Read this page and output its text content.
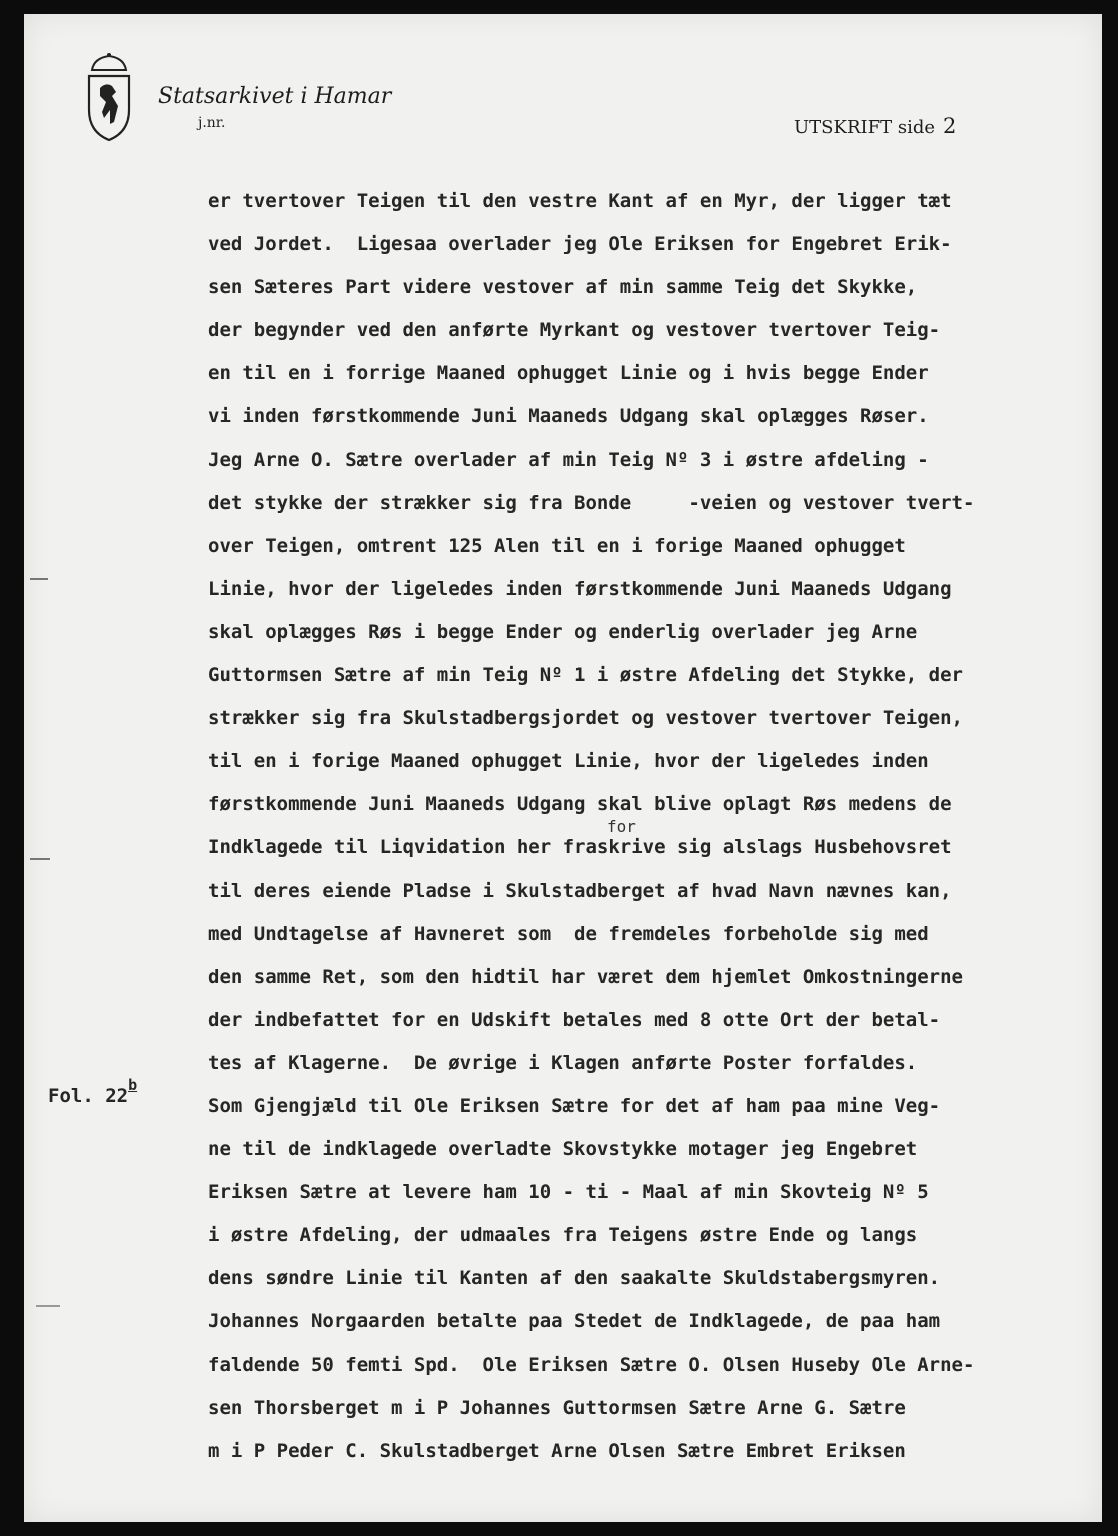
Statsarkivet i Hamar
j.nr.	UTSKRIFT side 2
Fol. 22$^b$
for
er tvertover Teigen til den vestre Kant af en Myr, der ligger tæt
ved Jordet.  Ligesaa overlader jeg Ole Eriksen for Engebret Erik-
sen Sæteres Part videre vestover af min samme Teig det Skykke,
der begynder ved den anførte Myrkant og vestover tvertover Teig-
en til en i forrige Maaned ophugget Linie og i hvis begge Ender
vi inden førstkommende Juni Maaneds Udgang skal oplægges Røser.
Jeg Arne O. Sætre overlader af min Teig Nº 3 i østre afdeling -
det stykke der strækker sig fra Bonde     -veien og vestover tvert-
over Teigen, omtrent 125 Alen til en i forige Maaned ophugget
Linie, hvor der ligeledes inden førstkommende Juni Maaneds Udgang
skal oplægges Røs i begge Ender og enderlig overlader jeg Arne
Guttormsen Sætre af min Teig Nº 1 i østre Afdeling det Stykke, der
strækker sig fra Skulstadbergsjordet og vestover tvertover Teigen,
til en i forige Maaned ophugget Linie, hvor der ligeledes inden
førstkommende Juni Maaneds Udgang skal blive oplagt Røs medens de
Indklagede til Liqvidation her fraskrive sig alslags Husbehovsret
til deres eiende Pladse i Skulstadberget af hvad Navn nævnes kan,
med Undtagelse af Havneret som  de fremdeles forbeholde sig med
den samme Ret, som den hidtil har været dem hjemlet Omkostningerne
der indbefattet for en Udskift betales med 8 otte Ort der betal-
tes af Klagerne.  De øvrige i Klagen anførte Poster forfaldes.
Som Gjengjæld til Ole Eriksen Sætre for det af ham paa mine Veg-
ne til de indklagede overladte Skovstykke motager jeg Engebret
Eriksen Sætre at levere ham 10 - ti - Maal af min Skovteig Nº 5
i østre Afdeling, der udmaales fra Teigens østre Ende og langs
dens søndre Linie til Kanten af den saakalte Skuldstabergsmyren.
Johannes Norgaarden betalte paa Stedet de Indklagede, de paa ham
faldende 50 femti Spd.  Ole Eriksen Sætre O. Olsen Huseby Ole Arne-
sen Thorsberget m i P Johannes Guttormsen Sætre Arne G. Sætre
m i P Peder C. Skulstadberget Arne Olsen Sætre Embret Eriksen
